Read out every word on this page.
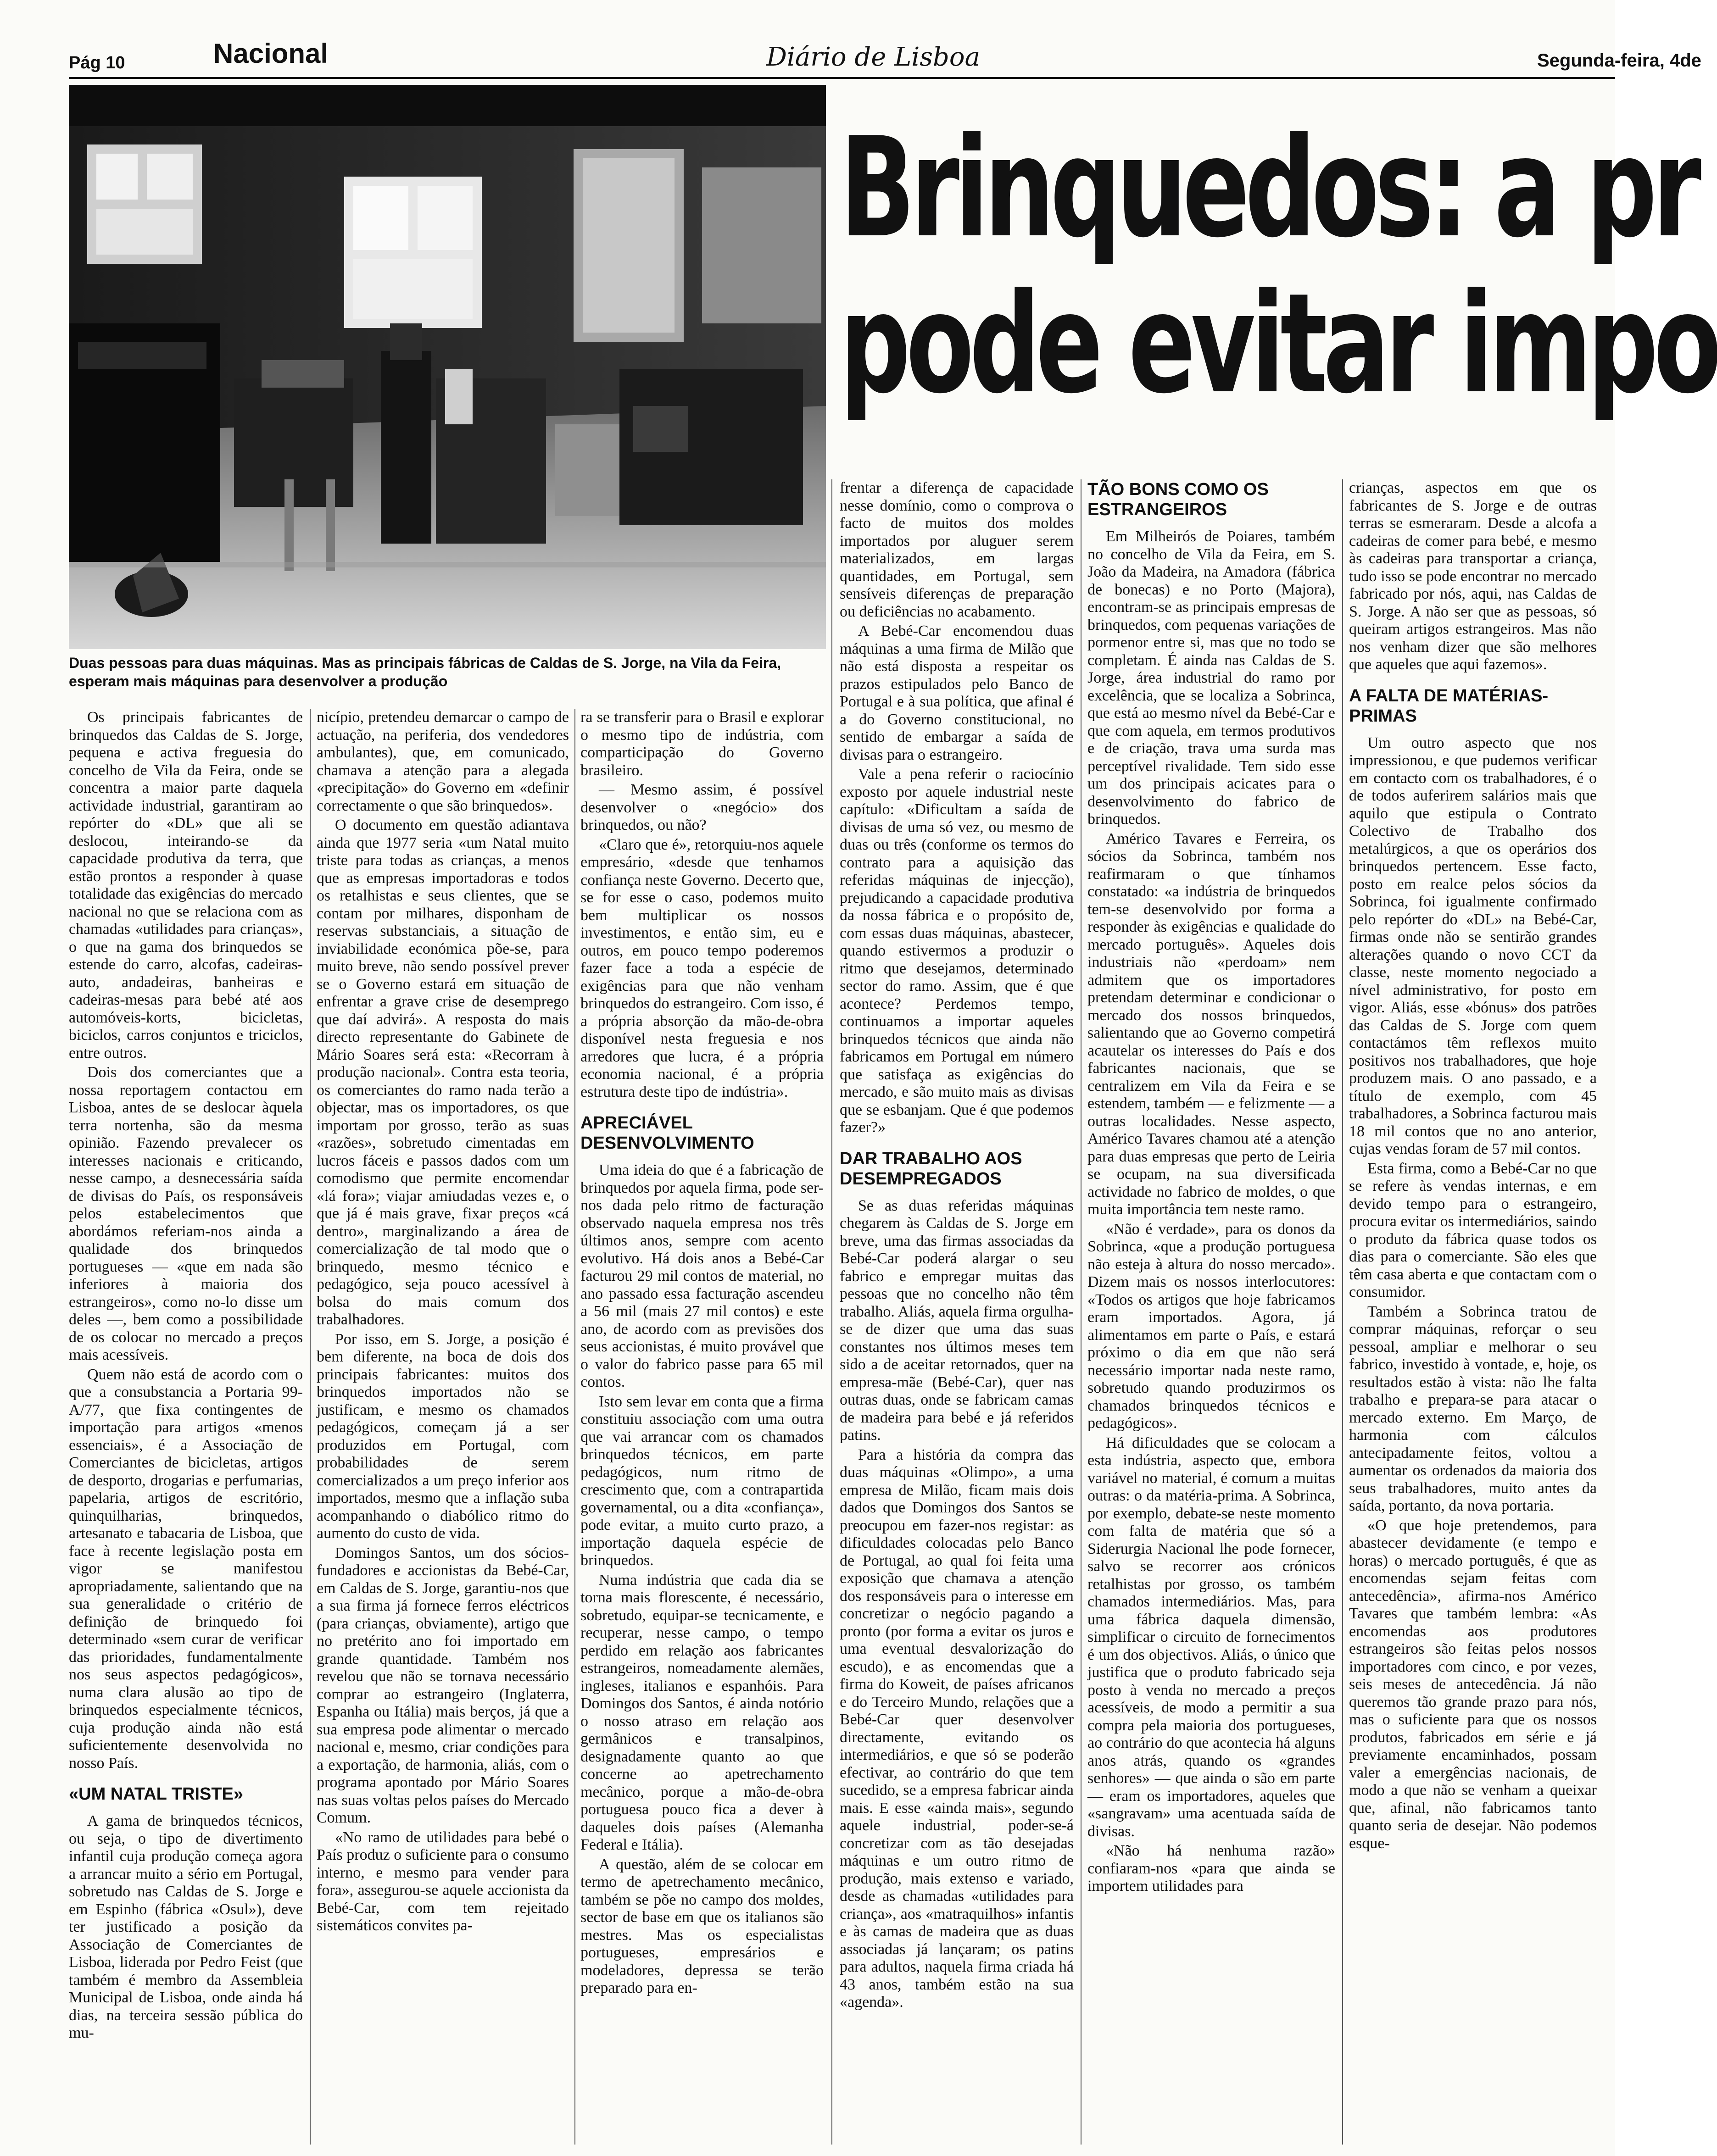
Pág 10	Nacional	Diário de Lisboa	Segunda-feira, 4de
Duas pessoas para duas máquinas. Mas as principais fábricas de Caldas de S. Jorge, na Vila da Feira, esperam mais máquinas para desenvolver a produção
Brinquedos: a pr
pode evitar impo

Os principais fabricantes de brinquedos das Caldas de S. Jorge, pequena e activa freguesia do concelho de Vila da Feira, onde se concentra a maior parte daquela actividade industrial, garantiram ao repórter do «DL» que ali se deslocou, inteirando-se da capacidade produtiva da terra, que estão prontos a responder à quase totalidade das exigências do mercado nacional no que se relaciona com as chamadas «utilidades para crianças», o que na gama dos brinquedos se estende do carro, alcofas, cadeiras-auto, andadeiras, banheiras e cadeiras-mesas para bebé até aos automóveis-korts, bicicletas, biciclos, carros conjuntos e triciclos, entre outros.

Dois dos comerciantes que a nossa reportagem contactou em Lisboa, antes de se deslocar àquela terra nortenha, são da mesma opinião. Fazendo prevalecer os interesses nacionais e criticando, nesse campo, a desnecessária saída de divisas do País, os responsáveis pelos estabelecimentos que abordámos referiam-nos ainda a qualidade dos brinquedos portugueses — «que em nada são inferiores à maioria dos estrangeiros», como no-lo disse um deles —, bem como a possibilidade de os colocar no mercado a preços mais acessíveis.

Quem não está de acordo com o que a consubstancia a Portaria 99-A/77, que fixa contingentes de importação para artigos «menos essenciais», é a Associação de Comerciantes de bicicletas, artigos de desporto, drogarias e perfumarias, papelaria, artigos de escritório, quinquilharias, brinquedos, artesanato e tabacaria de Lisboa, que face à recente legislação posta em vigor se manifestou apropriadamente, salientando que na sua generalidade o critério de definição de brinquedo foi determinado «sem curar de verificar das prioridades, fundamentalmente nos seus aspectos pedagógicos», numa clara alusão ao tipo de brinquedos especialmente técnicos, cuja produção ainda não está suficientemente desenvolvida no nosso País.

«UM NATAL TRISTE»

A gama de brinquedos técnicos, ou seja, o tipo de divertimento infantil cuja produção começa agora a arrancar muito a sério em Portugal, sobretudo nas Caldas de S. Jorge e em Espinho (fábrica «Osul»), deve ter justificado a posição da Associação de Comerciantes de Lisboa, liderada por Pedro Feist (que também é membro da Assembleia Municipal de Lisboa, onde ainda há dias, na terceira sessão pública do mu-

nicípio, pretendeu demarcar o campo de actuação, na periferia, dos vendedores ambulantes), que, em comunicado, chamava a atenção para a alegada «precipitação» do Governo em «definir correctamente o que são brinquedos».

O documento em questão adiantava ainda que 1977 seria «um Natal muito triste para todas as crianças, a menos que as empresas importadoras e todos os retalhistas e seus clientes, que se contam por milhares, disponham de reservas substanciais, a situação de inviabilidade económica põe-se, para muito breve, não sendo possível prever se o Governo estará em situação de enfrentar a grave crise de desemprego que daí advirá». A resposta do mais directo representante do Gabinete de Mário Soares será esta: «Recorram à produção nacional». Contra esta teoria, os comerciantes do ramo nada terão a objectar, mas os importadores, os que importam por grosso, terão as suas «razões», sobretudo cimentadas em lucros fáceis e passos dados com um comodismo que permite encomendar «lá fora»; viajar amiudadas vezes e, o que já é mais grave, fixar preços «cá dentro», marginalizando a área de comercialização de tal modo que o brinquedo, mesmo técnico e pedagógico, seja pouco acessível à bolsa do mais comum dos trabalhadores.

Por isso, em S. Jorge, a posição é bem diferente, na boca de dois dos principais fabricantes: muitos dos brinquedos importados não se justificam, e mesmo os chamados pedagógicos, começam já a ser produzidos em Portugal, com probabilidades de serem comercializados a um preço inferior aos importados, mesmo que a inflação suba acompanhando o diabólico ritmo do aumento do custo de vida.

Domingos Santos, um dos sócios-fundadores e accionistas da Bebé-Car, em Caldas de S. Jorge, garantiu-nos que a sua firma já fornece ferros eléctricos (para crianças, obviamente), artigo que no pretérito ano foi importado em grande quantidade. Também nos revelou que não se tornava necessário comprar ao estrangeiro (Inglaterra, Espanha ou Itália) mais berços, já que a sua empresa pode alimentar o mercado nacional e, mesmo, criar condições para a exportação, de harmonia, aliás, com o programa apontado por Mário Soares nas suas voltas pelos países do Mercado Comum.

«No ramo de utilidades para bebé o País produz o suficiente para o consumo interno, e mesmo para vender para fora», assegurou-se aquele accionista da Bebé-Car, com tem rejeitado sistemáticos convites pa-

ra se transferir para o Brasil e explorar o mesmo tipo de indústria, com comparticipação do Governo brasileiro.

— Mesmo assim, é possível desenvolver o «negócio» dos brinquedos, ou não?

«Claro que é», retorquiu-nos aquele empresário, «desde que tenhamos confiança neste Governo. Decerto que, se for esse o caso, podemos muito bem multiplicar os nossos investimentos, e então sim, eu e outros, em pouco tempo poderemos fazer face a toda a espécie de exigências para que não venham brinquedos do estrangeiro. Com isso, é a própria absorção da mão-de-obra disponível nesta freguesia e nos arredores que lucra, é a própria economia nacional, é a própria estrutura deste tipo de indústria».

APRECIÁVEL DESENVOLVIMENTO

Uma ideia do que é a fabricação de brinquedos por aquela firma, pode ser-nos dada pelo ritmo de facturação observado naquela empresa nos três últimos anos, sempre com acento evolutivo. Há dois anos a Bebé-Car facturou 29 mil contos de material, no ano passado essa facturação ascendeu a 56 mil (mais 27 mil contos) e este ano, de acordo com as previsões dos seus accionistas, é muito provável que o valor do fabrico passe para 65 mil contos.

Isto sem levar em conta que a firma constituiu associação com uma outra que vai arrancar com os chamados brinquedos técnicos, em parte pedagógicos, num ritmo de crescimento que, com a contrapartida governamental, ou a dita «confiança», pode evitar, a muito curto prazo, a importação daquela espécie de brinquedos.

Numa indústria que cada dia se torna mais florescente, é necessário, sobretudo, equipar-se tecnicamente, e recuperar, nesse campo, o tempo perdido em relação aos fabricantes estrangeiros, nomeadamente alemães, ingleses, italianos e espanhóis. Para Domingos dos Santos, é ainda notório o nosso atraso em relação aos germânicos e transalpinos, designadamente quanto ao que concerne ao apetrechamento mecânico, porque a mão-de-obra portuguesa pouco fica a dever à daqueles dois países (Alemanha Federal e Itália).

A questão, além de se colocar em termo de apetrechamento mecânico, também se põe no campo dos moldes, sector de base em que os italianos são mestres. Mas os especialistas portugueses, empresários e modeladores, depressa se terão preparado para en-

frentar a diferença de capacidade nesse domínio, como o comprova o facto de muitos dos moldes importados por aluguer serem materializados, em largas quantidades, em Portugal, sem sensíveis diferenças de preparação ou deficiências no acabamento.

A Bebé-Car encomendou duas máquinas a uma firma de Milão que não está disposta a respeitar os prazos estipulados pelo Banco de Portugal e à sua política, que afinal é a do Governo constitucional, no sentido de embargar a saída de divisas para o estrangeiro.

Vale a pena referir o raciocínio exposto por aquele industrial neste capítulo: «Dificultam a saída de divisas de uma só vez, ou mesmo de duas ou três (conforme os termos do contrato para a aquisição das referidas máquinas de injecção), prejudicando a capacidade produtiva da nossa fábrica e o propósito de, com essas duas máquinas, abastecer, quando estivermos a produzir o ritmo que desejamos, determinado sector do ramo. Assim, que é que acontece? Perdemos tempo, continuamos a importar aqueles brinquedos técnicos que ainda não fabricamos em Portugal em número que satisfaça as exigências do mercado, e são muito mais as divisas que se esbanjam. Que é que podemos fazer?»

DAR TRABALHO AOS DESEMPREGADOS

Se as duas referidas máquinas chegarem às Caldas de S. Jorge em breve, uma das firmas associadas da Bebé-Car poderá alargar o seu fabrico e empregar muitas das pessoas que no concelho não têm trabalho. Aliás, aquela firma orgulha-se de dizer que uma das suas constantes nos últimos meses tem sido a de aceitar retornados, quer na empresa-mãe (Bebé-Car), quer nas outras duas, onde se fabricam camas de madeira para bebé e já referidos patins.

Para a história da compra das duas máquinas «Olimpo», a uma empresa de Milão, ficam mais dois dados que Domingos dos Santos se preocupou em fazer-nos registar: as dificuldades colocadas pelo Banco de Portugal, ao qual foi feita uma exposição que chamava a atenção dos responsáveis para o interesse em concretizar o negócio pagando a pronto (por forma a evitar os juros e uma eventual desvalorização do escudo), e as encomendas que a firma do Koweit, de países africanos e do Terceiro Mundo, relações que a Bebé-Car quer desenvolver directamente, evitando os intermediários, e que só se poderão efectivar, ao contrário do que tem sucedido, se a empresa fabricar ainda mais. E esse «ainda mais», segundo aquele industrial, poder-se-á concretizar com as tão desejadas máquinas e um outro ritmo de produção, mais extenso e variado, desde as chamadas «utilidades para criança», aos «matraquilhos» infantis e às camas de madeira que as duas associadas já lançaram; os patins para adultos, naquela firma criada há 43 anos, também estão na sua «agenda».

TÃO BONS COMO OS ESTRANGEIROS

Em Milheirós de Poiares, também no concelho de Vila da Feira, em S. João da Madeira, na Amadora (fábrica de bonecas) e no Porto (Majora), encontram-se as principais empresas de brinquedos, com pequenas variações de pormenor entre si, mas que no todo se completam. É ainda nas Caldas de S. Jorge, área industrial do ramo por excelência, que se localiza a Sobrinca, que está ao mesmo nível da Bebé-Car e que com aquela, em termos produtivos e de criação, trava uma surda mas perceptível rivalidade. Tem sido esse um dos principais acicates para o desenvolvimento do fabrico de brinquedos.

Américo Tavares e Ferreira, os sócios da Sobrinca, também nos reafirmaram o que tínhamos constatado: «a indústria de brinquedos tem-se desenvolvido por forma a responder às exigências e qualidade do mercado português». Aqueles dois industriais não «perdoam» nem admitem que os importadores pretendam determinar e condicionar o mercado dos nossos brinquedos, salientando que ao Governo competirá acautelar os interesses do País e dos fabricantes nacionais, que se centralizem em Vila da Feira e se estendem, também — e felizmente — a outras localidades. Nesse aspecto, Américo Tavares chamou até a atenção para duas empresas que perto de Leiria se ocupam, na sua diversificada actividade no fabrico de moldes, o que muita importância tem neste ramo.

«Não é verdade», para os donos da Sobrinca, «que a produção portuguesa não esteja à altura do nosso mercado». Dizem mais os nossos interlocutores: «Todos os artigos que hoje fabricamos eram importados. Agora, já alimentamos em parte o País, e estará próximo o dia em que não será necessário importar nada neste ramo, sobretudo quando produzirmos os chamados brinquedos técnicos e pedagógicos».

Há dificuldades que se colocam a esta indústria, aspecto que, embora variável no material, é comum a muitas outras: o da matéria-prima. A Sobrinca, por exemplo, debate-se neste momento com falta de matéria que só a Siderurgia Nacional lhe pode fornecer, salvo se recorrer aos crónicos retalhistas por grosso, os também chamados intermediários. Mas, para uma fábrica daquela dimensão, simplificar o circuito de fornecimentos é um dos objectivos. Aliás, o único que justifica que o produto fabricado seja posto à venda no mercado a preços acessíveis, de modo a permitir a sua compra pela maioria dos portugueses, ao contrário do que acontecia há alguns anos atrás, quando os «grandes senhores» — que ainda o são em parte — eram os importadores, aqueles que «sangravam» uma acentuada saída de divisas.

«Não há nenhuma razão» confiaram-nos «para que ainda se importem utilidades para

crianças, aspectos em que os fabricantes de S. Jorge e de outras terras se esmeraram. Desde a alcofa a cadeiras de comer para bebé, e mesmo às cadeiras para transportar a criança, tudo isso se pode encontrar no mercado fabricado por nós, aqui, nas Caldas de S. Jorge. A não ser que as pessoas, só queiram artigos estrangeiros. Mas não nos venham dizer que são melhores que aqueles que aqui fazemos».

A FALTA DE MATÉRIAS-PRIMAS

Um outro aspecto que nos impressionou, e que pudemos verificar em contacto com os trabalhadores, é o de todos auferirem salários mais que aquilo que estipula o Contrato Colectivo de Trabalho dos metalúrgicos, a que os operários dos brinquedos pertencem. Esse facto, posto em realce pelos sócios da Sobrinca, foi igualmente confirmado pelo repórter do «DL» na Bebé-Car, firmas onde não se sentirão grandes alterações quando o novo CCT da classe, neste momento negociado a nível administrativo, for posto em vigor. Aliás, esse «bónus» dos patrões das Caldas de S. Jorge com quem contactámos têm reflexos muito positivos nos trabalhadores, que hoje produzem mais. O ano passado, e a título de exemplo, com 45 trabalhadores, a Sobrinca facturou mais 18 mil contos que no ano anterior, cujas vendas foram de 57 mil contos.

Esta firma, como a Bebé-Car no que se refere às vendas internas, e em devido tempo para o estrangeiro, procura evitar os intermediários, saindo o produto da fábrica quase todos os dias para o comerciante. São eles que têm casa aberta e que contactam com o consumidor.

Também a Sobrinca tratou de comprar máquinas, reforçar o seu pessoal, ampliar e melhorar o seu fabrico, investido à vontade, e, hoje, os resultados estão à vista: não lhe falta trabalho e prepara-se para atacar o mercado externo. Em Março, de harmonia com cálculos antecipadamente feitos, voltou a aumentar os ordenados da maioria dos seus trabalhadores, muito antes da saída, portanto, da nova portaria.

«O que hoje pretendemos, para abastecer devidamente (e tempo e horas) o mercado português, é que as encomendas sejam feitas com antecedência», afirma-nos Américo Tavares que também lembra: «As encomendas aos produtores estrangeiros são feitas pelos nossos importadores com cinco, e por vezes, seis meses de antecedência. Já não queremos tão grande prazo para nós, mas o suficiente para que os nossos produtos, fabricados em série e já previamente encaminhados, possam valer a emergências nacionais, de modo a que não se venham a queixar que, afinal, não fabricamos tanto quanto seria de desejar. Não podemos esque-
